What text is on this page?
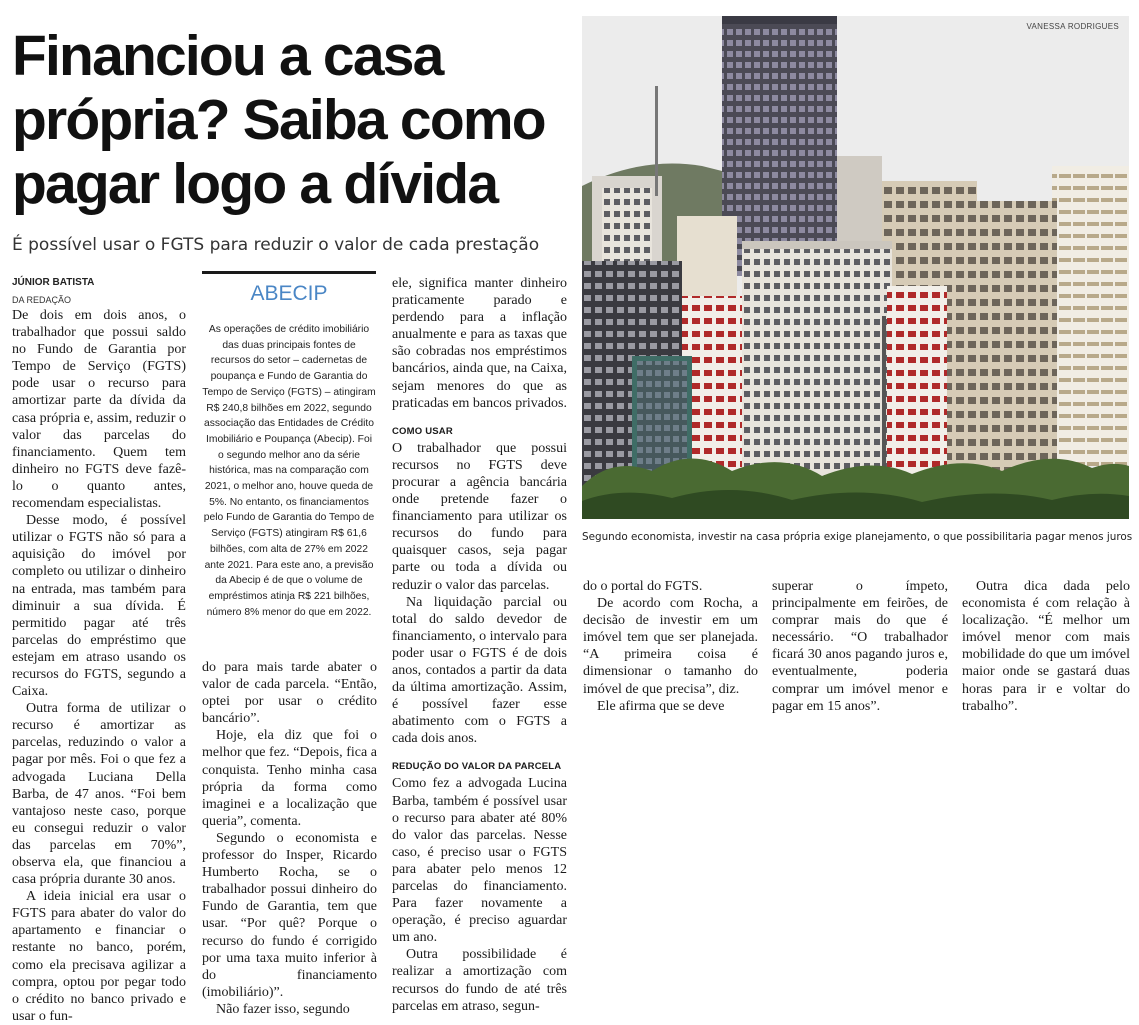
Financiou a casa própria? Saiba como pagar logo a dívida
É possível usar o FGTS para reduzir o valor de cada prestação
JÚNIOR BATISTA
DA REDAÇÃO

De dois em dois anos, o trabalhador que possui saldo no Fundo de Garantia por Tempo de Serviço (FGTS) pode usar o recurso para amortizar parte da dívida da casa própria e, assim, reduzir o valor das parcelas do financiamento. Quem tem dinheiro no FGTS deve fazê-lo o quanto antes, recomendam especialistas.

Desse modo, é possível utilizar o FGTS não só para a aquisição do imóvel por completo ou utilizar o dinheiro na entrada, mas também para diminuir a sua dívida. É permitido pagar até três parcelas do empréstimo que estejam em atraso usando os recursos do FGTS, segundo a Caixa.

Outra forma de utilizar o recurso é amortizar as parcelas, reduzindo o valor a pagar por mês. Foi o que fez a advogada Luciana Della Barba, de 47 anos. “Foi bem vantajoso neste caso, porque eu consegui reduzir o valor das parcelas em 70%”, observa ela, que financiou a casa própria durante 30 anos.

A ideia inicial era usar o FGTS para abater do valor do apartamento e financiar o restante no banco, porém, como ela precisava agilizar a compra, optou por pegar todo o crédito no banco privado e usar o fun-

ABECIP
As operações de crédito imobiliário das duas principais fontes de recursos do setor – cadernetas de poupança e Fundo de Garantia do Tempo de Serviço (FGTS) – atingiram R$ 240,8 bilhões em 2022, segundo associação das Entidades de Crédito Imobiliário e Poupança (Abecip). Foi o segundo melhor ano da série histórica, mas na comparação com 2021, o melhor ano, houve queda de 5%. No entanto, os financiamentos pelo Fundo de Garantia do Tempo de Serviço (FGTS) atingiram R$ 61,6 bilhões, com alta de 27% em 2022 ante 2021. Para este ano, a previsão da Abecip é de que o volume de empréstimos atinja R$ 221 bilhões, número 8% menor do que em 2022.

do para mais tarde abater o valor de cada parcela. “Então, optei por usar o crédito bancário”.

Hoje, ela diz que foi o melhor que fez. “Depois, fica a conquista. Tenho minha casa própria da forma como imaginei e a localização que queria”, comenta.

Segundo o economista e professor do Insper, Ricardo Humberto Rocha, se o trabalhador possui dinheiro do Fundo de Garantia, tem que usar. “Por quê? Porque o recurso do fundo é corrigido por uma taxa muito inferior à do financiamento (imobiliário)”.

Não fazer isso, segundo

ele, significa manter dinheiro praticamente parado e perdendo para a inflação anualmente e para as taxas que são cobradas nos empréstimos bancários, ainda que, na Caixa, sejam menores do que as praticadas em bancos privados.

COMO USAR

O trabalhador que possui recursos no FGTS deve procurar a agência bancária onde pretende fazer o financiamento para utilizar os recursos do fundo para quaisquer casos, seja pagar parte ou toda a dívida ou reduzir o valor das parcelas.

Na liquidação parcial ou total do saldo devedor de financiamento, o intervalo para poder usar o FGTS é de dois anos, contados a partir da data da última amortização. Assim, é possível fazer esse abatimento com o FGTS a cada dois anos.

REDUÇÃO DO VALOR DA PARCELA

Como fez a advogada Lucina Barba, também é possível usar o recurso para abater até 80% do valor das parcelas. Nesse caso, é preciso usar o FGTS para abater pelo menos 12 parcelas do financiamento. Para fazer novamente a operação, é preciso aguardar um ano.

Outra possibilidade é realizar a amortização com recursos do fundo de até três parcelas em atraso, segun-

VANESSA RODRIGUES
Segundo economista, investir na casa própria exige planejamento, o que possibilitaria pagar menos juros

do o portal do FGTS.

De acordo com Rocha, a decisão de investir em um imóvel tem que ser planejada. “A primeira coisa é dimensionar o tamanho do imóvel de que precisa”, diz.

Ele afirma que se deve

superar o ímpeto, principalmente em feirões, de comprar mais do que é necessário. “O trabalhador ficará 30 anos pagando juros e, eventualmente, poderia comprar um imóvel menor e pagar em 15 anos”.

Outra dica dada pelo economista é com relação à localização. “É melhor um imóvel menor com mais mobilidade do que um imóvel maior onde se gastará duas horas para ir e voltar do trabalho”.
